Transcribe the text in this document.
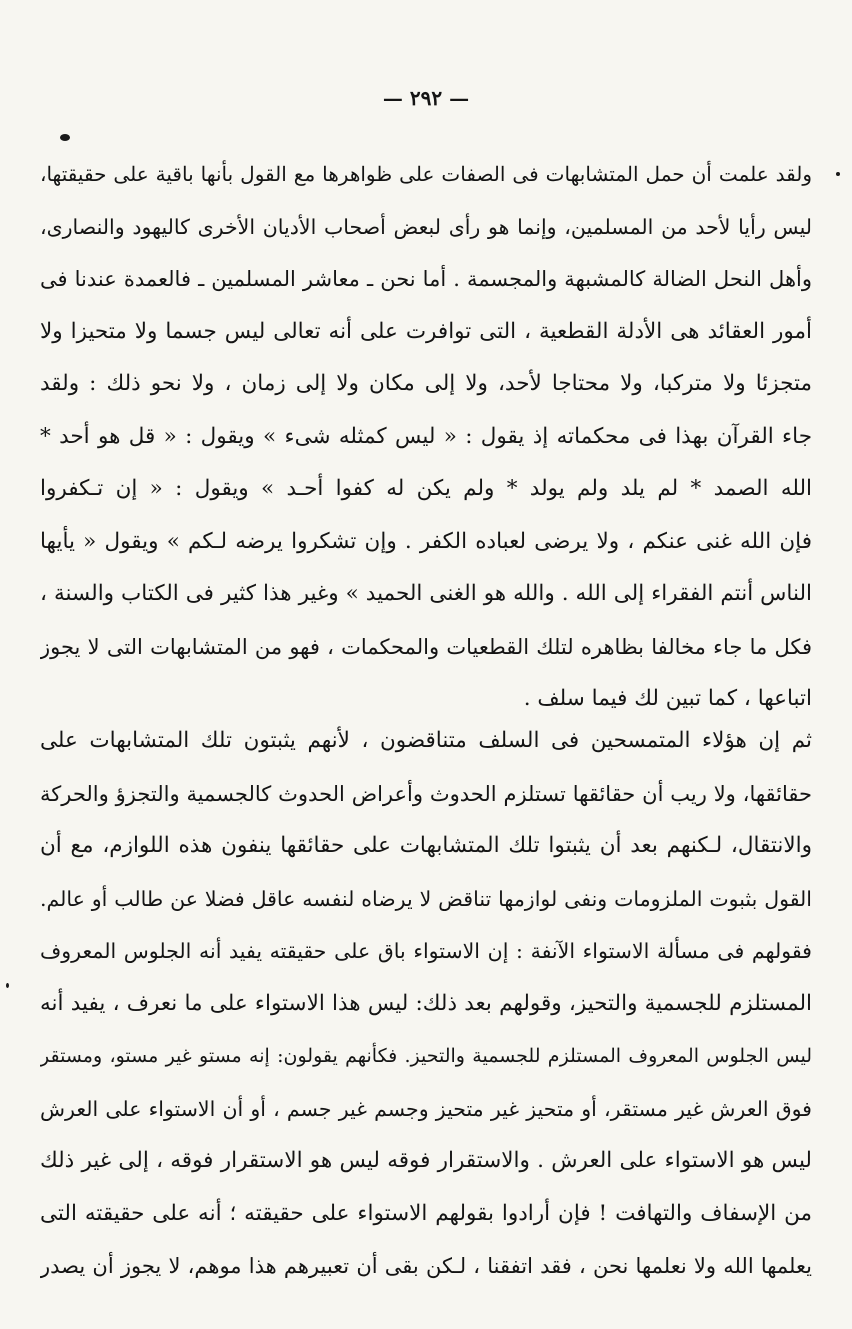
— ٢٩٢ —
ولقد علمت أن حمل المتشابهات فى الصفات على ظواهرها مع القول بأنها باقية على حقيقتها،
ليس رأيا لأحد من المسلمين، وإنما هو رأى لبعض أصحاب الأديان الأخرى كاليهود والنصارى،
وأهل النحل الضالة كالمشبهة والمجسمة . أما نحن ـ معاشر المسلمين ـ فالعمدة عندنا فى
أمور العقائد هى الأدلة القطعية ، التى توافرت على أنه تعالى ليس جسما ولا متحيزا ولا
متجزئا ولا متركبا، ولا محتاجا لأحد، ولا إلى مكان ولا إلى زمان ، ولا نحو ذلك : ولقد
جاء القرآن بهذا فى محكماته إذ يقول : « ليس كمثله شىء » ويقول : « قل هو أحد *
الله الصمد * لم يلد ولم يولد * ولم يكن له كفوا أحـد » ويقول : « إن تـكفروا
فإن الله غنى عنكم ، ولا يرضى لعباده الكفر . وإن تشكروا يرضه لـكم » ويقول « يأيها
الناس أنتم الفقراء إلى الله . والله هو الغنى الحميد » وغير هذا كثير فى الكتاب والسنة ،
فكل ما جاء مخالفا بظاهره لتلك القطعيات والمحكمات ، فهو من المتشابهات التى لا يجوز
اتباعها ، كما تبين لك فيما سلف .
ثم إن هؤلاء المتمسحين فى السلف متناقضون ، لأنهم يثبتون تلك المتشابهات على
حقائقها، ولا ريب أن حقائقها تستلزم الحدوث وأعراض الحدوث كالجسمية والتجزؤ والحركة
والانتقال، لـكنهم بعد أن يثبتوا تلك المتشابهات على حقائقها ينفون هذه اللوازم، مع أن
القول بثبوت الملزومات ونفى لوازمها تناقض لا يرضاه لنفسه عاقل فضلا عن طالب أو عالم.
فقولهم فى مسألة الاستواء الآنفة : إن الاستواء باق على حقيقته يفيد أنه الجلوس المعروف
المستلزم للجسمية والتحيز، وقولهم بعد ذلك: ليس هذا الاستواء على ما نعرف ، يفيد أنه
ليس الجلوس المعروف المستلزم للجسمية والتحيز. فكأنهم يقولون: إنه مستو غير مستو، ومستقر
فوق العرش غير مستقر، أو متحيز غير متحيز وجسم غير جسم ، أو أن الاستواء على العرش
ليس هو الاستواء على العرش . والاستقرار فوقه ليس هو الاستقرار فوقه ، إلى غير ذلك
من الإسفاف والتهافت ! فإن أرادوا بقولهم الاستواء على حقيقته ؛ أنه على حقيقته التى
يعلمها الله ولا نعلمها نحن ، فقد اتفقنا ، لـكن بقى أن تعبيرهم هذا موهم، لا يجوز أن يصدر
